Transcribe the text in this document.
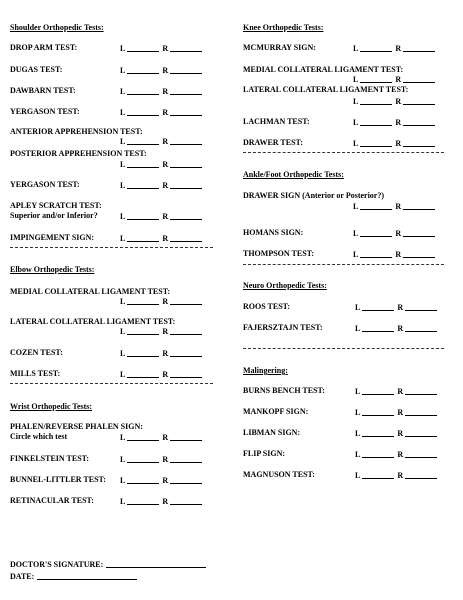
Shoulder Orthopedic Tests:
DROP ARM TEST:	L	R
DUGAS TEST:	L	R
DAWBARN TEST:	L	R
YERGASON TEST:	L	R
ANTERIOR APPREHENSION TEST:
L	R
POSTERIOR APPREHENSION TEST:
L	R
YERGASON TEST:	L	R
APLEY SCRATCH TEST:
Superior and/or Inferior?	L	R
IMPINGEMENT SIGN:	L	R
Elbow Orthopedic Tests:
MEDIAL COLLATERAL LIGAMENT TEST:
L	R
LATERAL COLLATERAL LIGAMENT TEST:
L	R
COZEN TEST:	L	R
MILLS TEST:	L	R
Wrist Orthopedic Tests:
PHALEN/REVERSE PHALEN SIGN:
Circle which test	L	R
FINKELSTEIN TEST:	L	R
BUNNEL-LITTLER TEST: L	R
RETINACULAR TEST:	L	R
DOCTOR'S SIGNATURE:
DATE:
Knee Orthopedic Tests:
MCMURRAY SIGN:	L	R
MEDIAL COLLATERAL LIGAMENT TEST:
L	R
LATERAL COLLATERAL LIGAMENT TEST:
L	R
LACHMAN TEST:	L	R
DRAWER TEST:	L	R
Ankle/Foot Orthopedic Tests:
DRAWER SIGN (Anterior or Posterior?)
L	R
HOMANS SIGN:	L	R
THOMPSON TEST:	L	R
Neuro Orthopedic Tests:
ROOS TEST:	L	R
FAJERSZTAJN TEST:	L	R
Malingering:
BURNS BENCH TEST:	L	R
MANKOPF SIGN:	L	R
LIBMAN SIGN:	L	R
FLIP SIGN:	L	R
MAGNUSON TEST:	L	R
